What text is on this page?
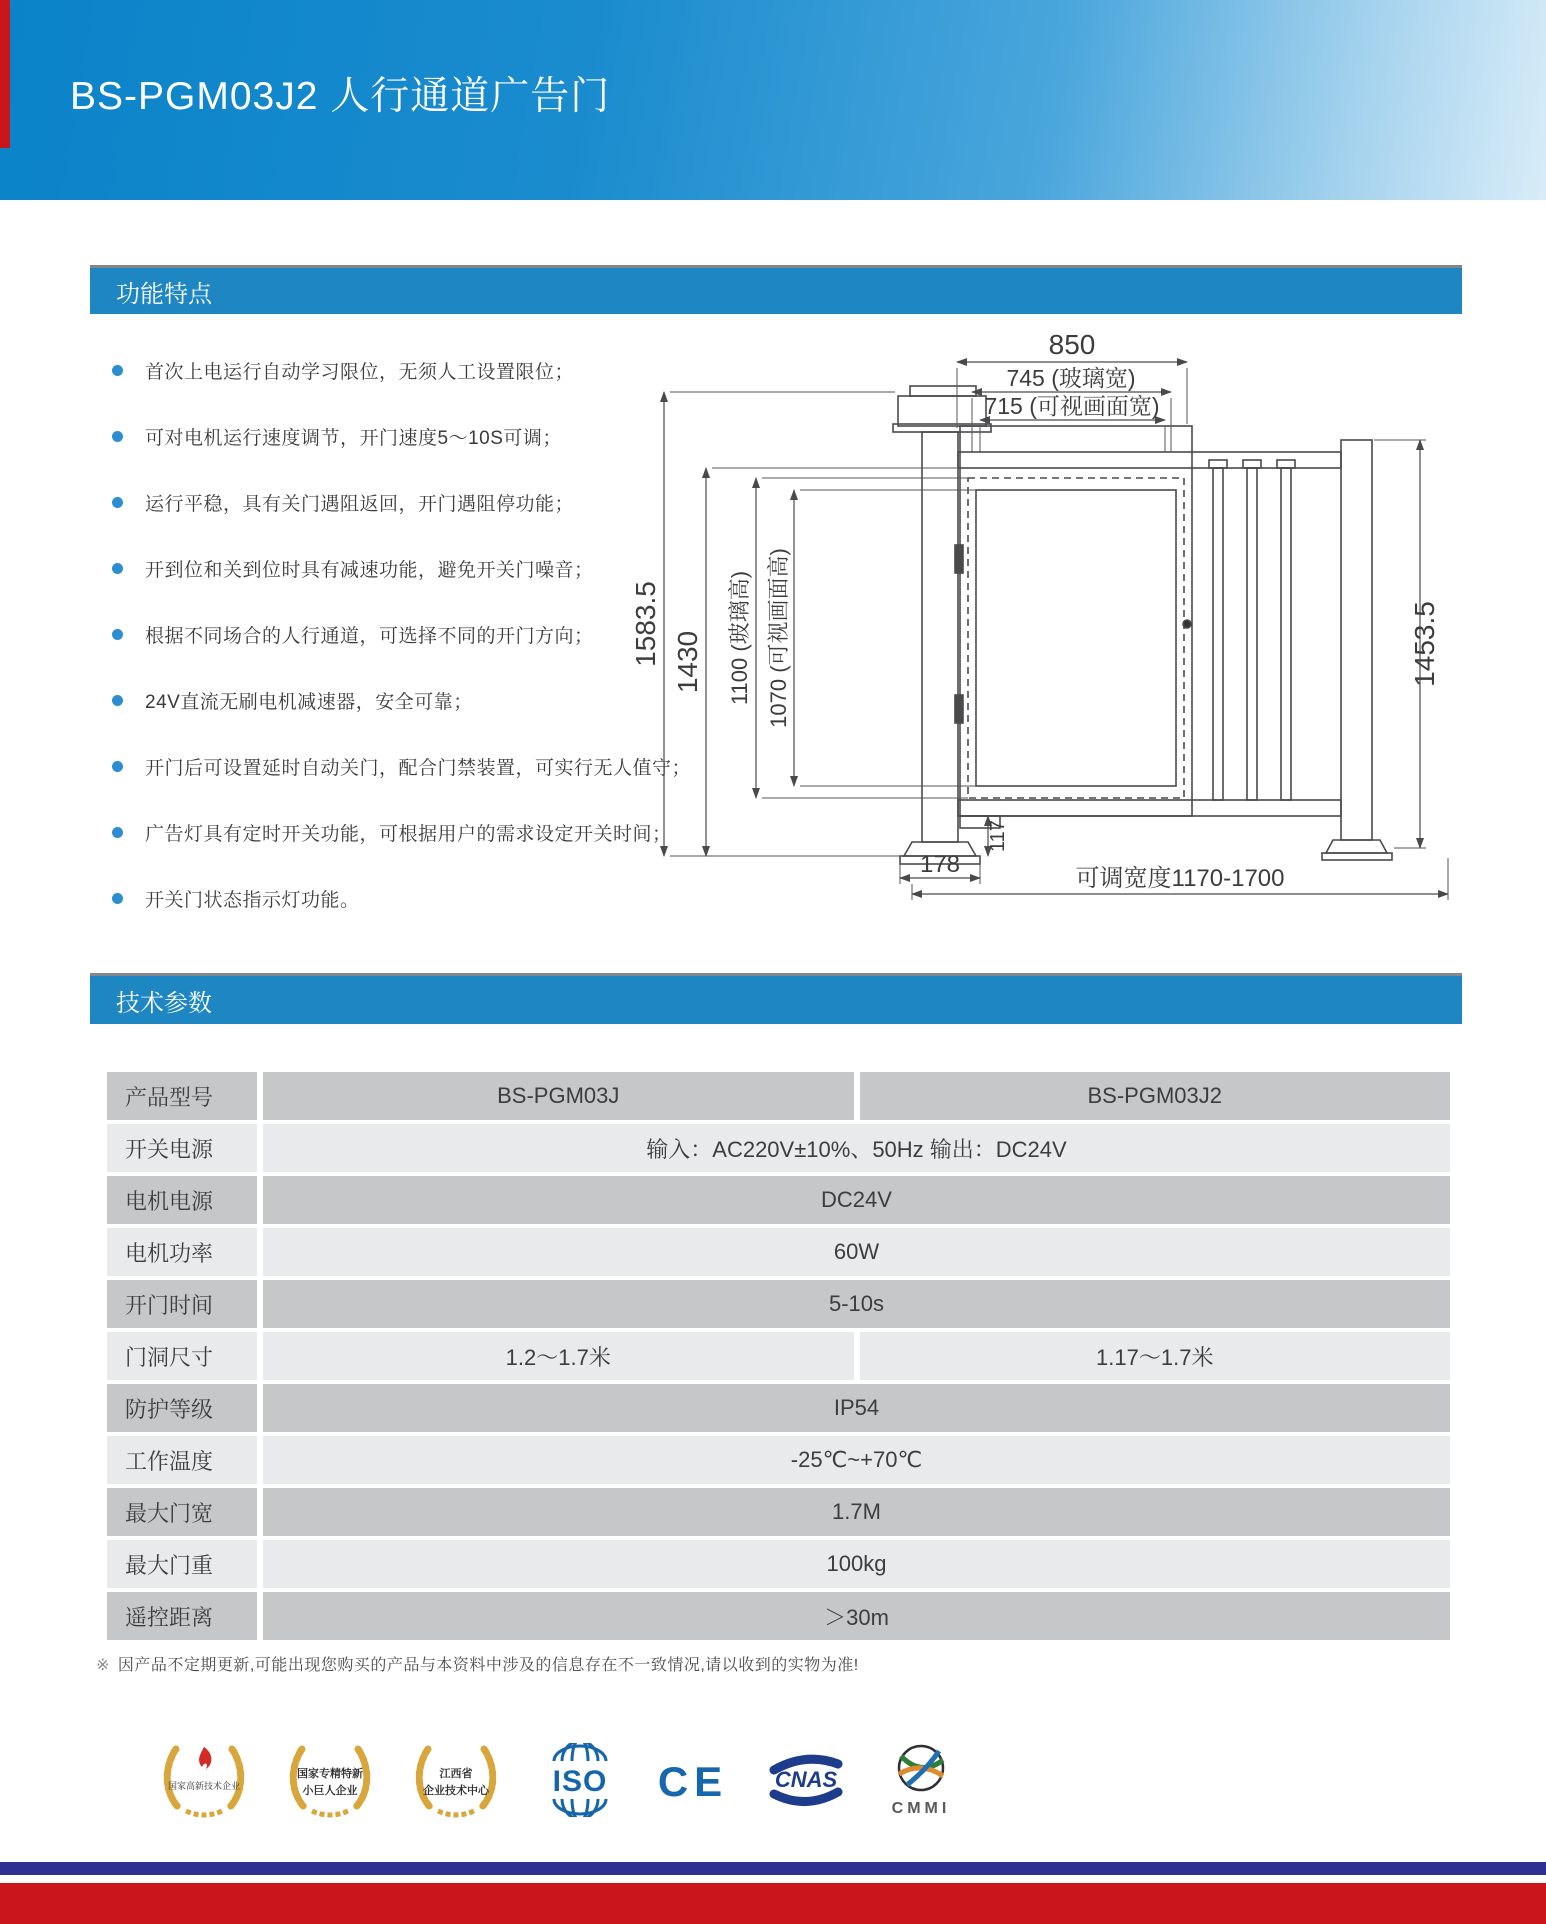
BS-PGM03J2 人行通道广告门
功能特点
首次上电运行自动学习限位，无须人工设置限位；
可对电机运行速度调节，开门速度5～10S可调；
运行平稳，具有关门遇阻返回，开门遇阻停功能；
开到位和关到位时具有减速功能，避免开关门噪音；
根据不同场合的人行通道，可选择不同的开门方向；
24V直流无刷电机减速器，安全可靠；
开门后可设置延时自动关门，配合门禁装置，可实行无人值守；
广告灯具有定时开关功能，可根据用户的需求设定开关时间；
开关门状态指示灯功能。
850
745 (玻璃宽)
715 (可视画面宽)
1583.5 1430 1100 (玻璃高) 1070 (可视画面高)	1453.5
178
117
可调宽度1170-1700
技术参数
产品型号	BS-PGM03J	BS-PGM03J2
开关电源	输入：AC220V±10%、50Hz 输出：DC24V
电机电源	DC24V
电机功率	60W
开门时间	5-10s
门洞尺寸	1.2～1.7米	1.17～1.7米
防护等级	IP54
工作温度	-25℃~+70℃
最大门宽	1.7M
最大门重	100kg
遥控距离	＞30m
※ 因产品不定期更新,可能出现您购买的产品与本资料中涉及的信息存在不一致情况,请以收到的实物为准!
国家高新技术企业
国家专精特新
小巨人企业
江西省
企业技术中心 ISO CE CNAS
CMMI
